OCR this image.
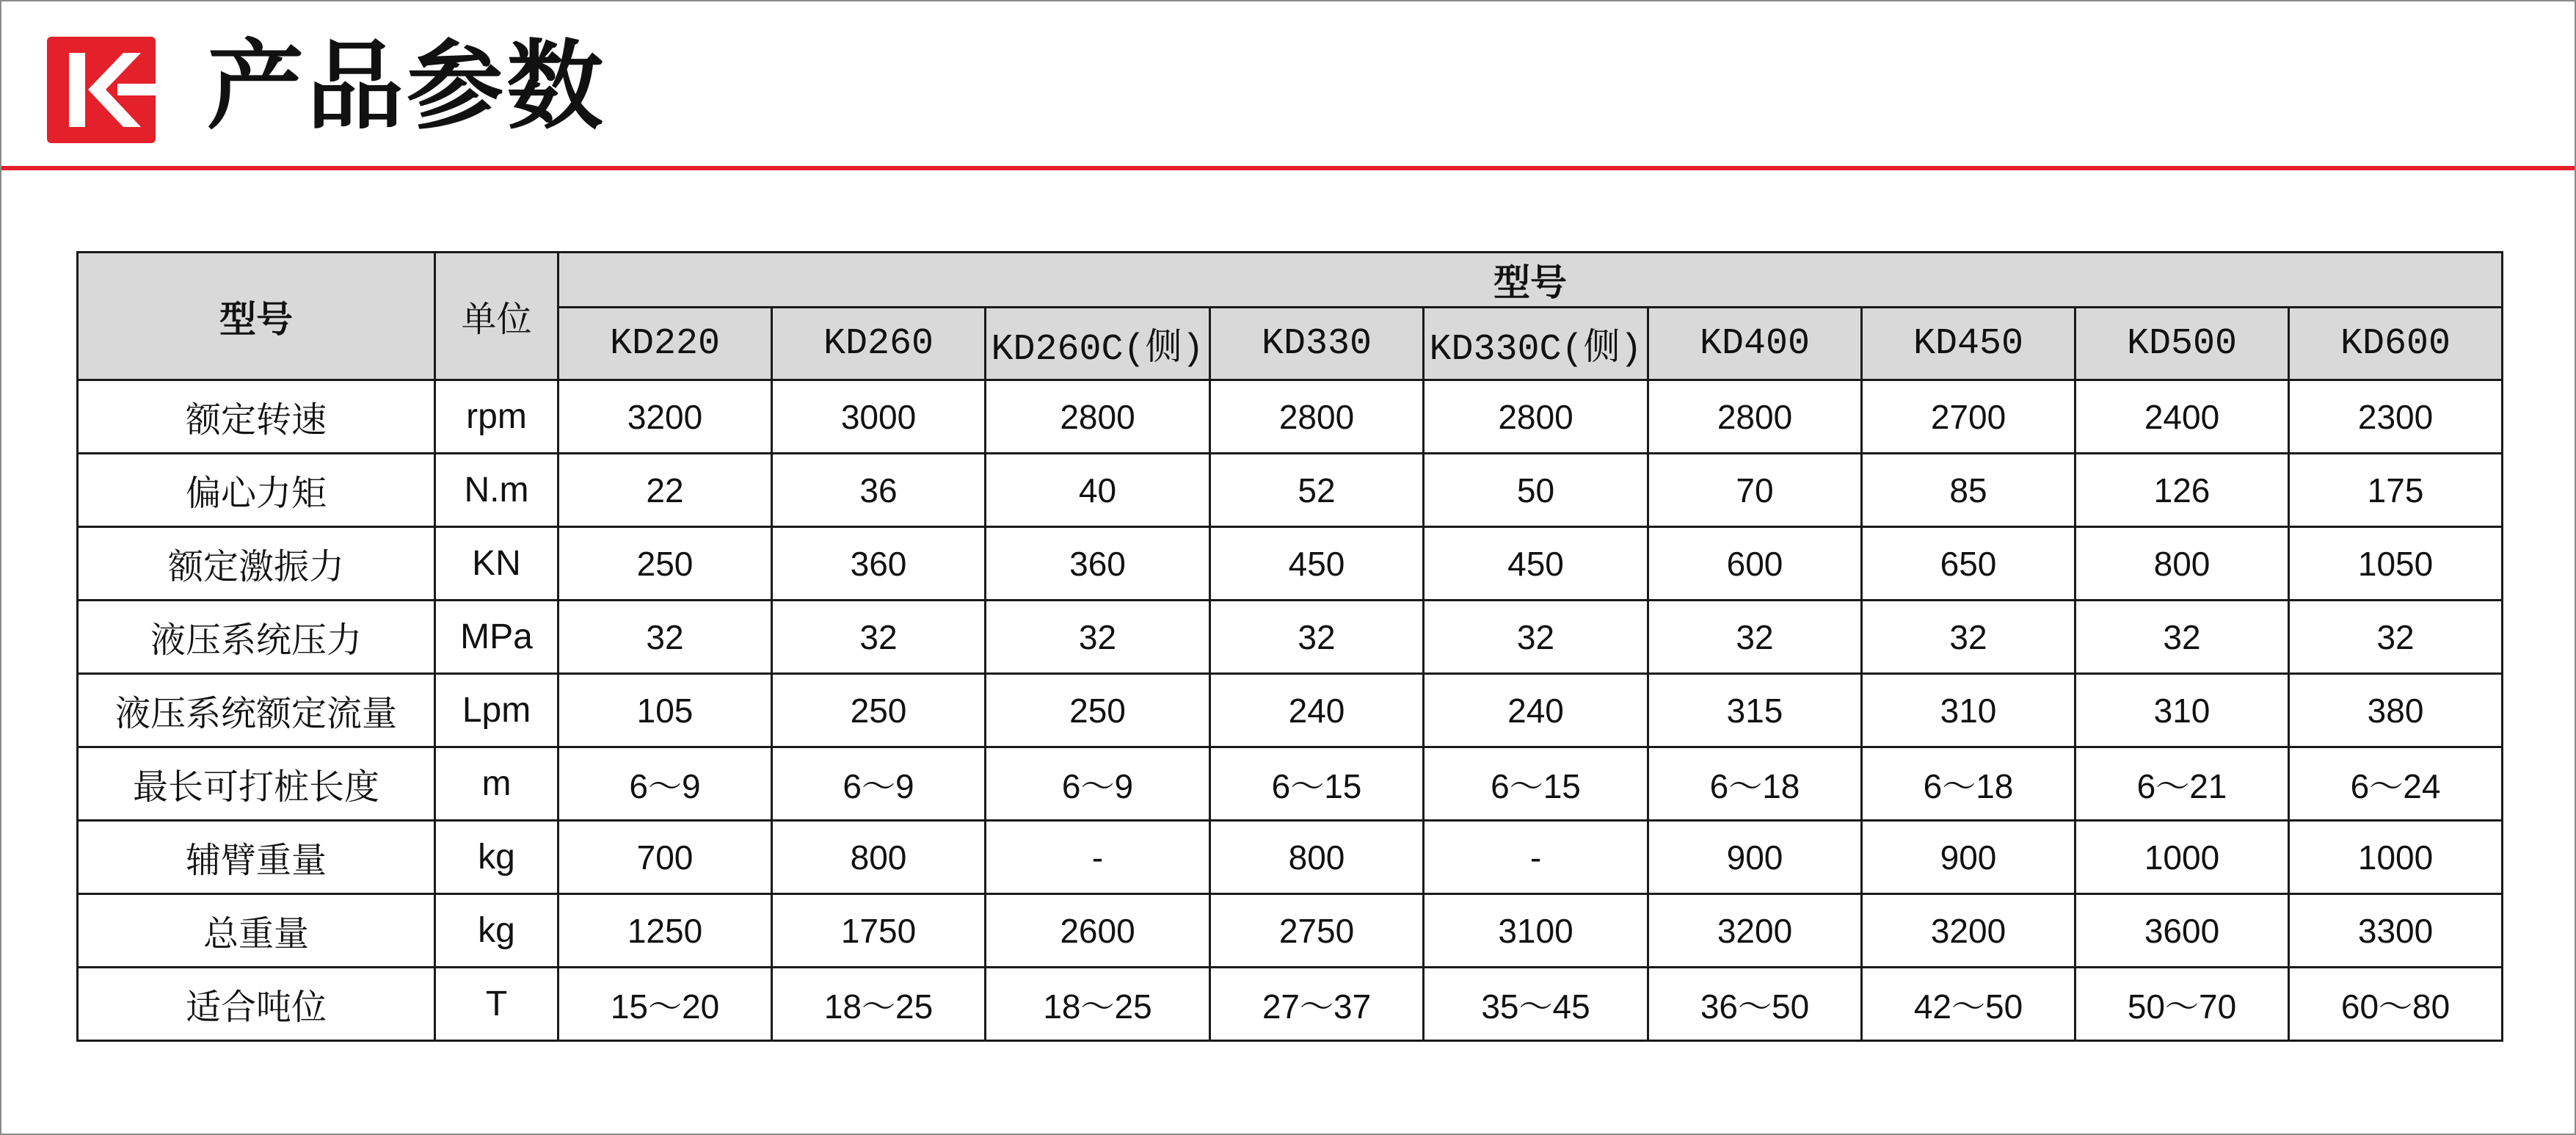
产品参数
型号	单位	型号								
		KD220	KD260	KD260C(侧)	KD330	KD330C(侧)	KD400	KD450	KD500	KD600
额定转速	rpm	3200	3000	2800	2800	2800	2800	2700	2400	2300
偏心力矩	N.m	22	36	40	52	50	70	85	126	175
额定激振力	KN	250	360	360	450	450	600	650	800	1050
液压系统压力	MPa	32	32	32	32	32	32	32	32	32
液压系统额定流量	Lpm	105	250	250	240	240	315	310	310	380
最长可打桩长度	m	6～9	6～9	6～9	6～15	6～15	6～18	6～18	6～21	6～24
辅臂重量	kg	700	800	-	800	-	900	900	1000	1000
总重量	kg	1250	1750	2600	2750	3100	3200	3200	3600	3300
适合吨位	T	15～20	18～25	18～25	27～37	35～45	36～50	42～50	50～70	60～80
